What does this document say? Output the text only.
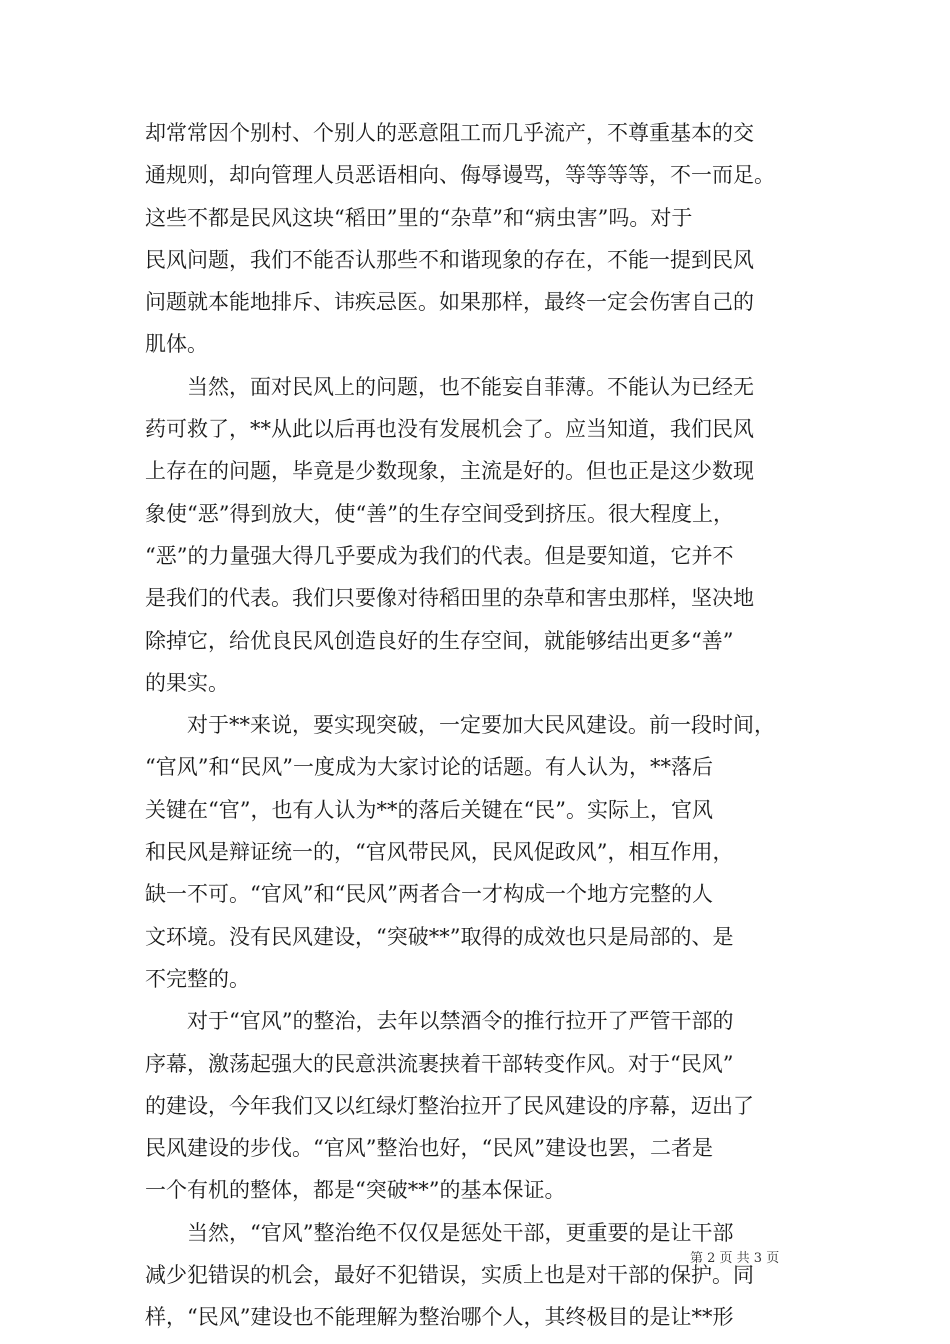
却常常因个别村、个别人的恶意阻工而几乎流产，不尊重基本的交
通规则，却向管理人员恶语相向、侮辱谩骂，等等等等，不一而足。
这些不都是民风这块“稻田”里的“杂草”和“病虫害”吗。对于
民风问题，我们不能否认那些不和谐现象的存在，不能一提到民风
问题就本能地排斥、讳疾忌医。如果那样，最终一定会伤害自己的
肌体。
　　当然，面对民风上的问题，也不能妄自菲薄。不能认为已经无
药可救了，**从此以后再也没有发展机会了。应当知道，我们民风
上存在的问题，毕竟是少数现象，主流是好的。但也正是这少数现
象使“恶”得到放大，使“善”的生存空间受到挤压。很大程度上，
“恶”的力量强大得几乎要成为我们的代表。但是要知道，它并不
是我们的代表。我们只要像对待稻田里的杂草和害虫那样，坚决地
除掉它，给优良民风创造良好的生存空间，就能够结出更多“善”
的果实。
　　对于**来说，要实现突破，一定要加大民风建设。前一段时间，
“官风”和“民风”一度成为大家讨论的话题。有人认为，**落后
关键在“官”，也有人认为**的落后关键在“民”。实际上，官风
和民风是辩证统一的，“官风带民风，民风促政风”，相互作用，
缺一不可。“官风”和“民风”两者合一才构成一个地方完整的人
文环境。没有民风建设，“突破**”取得的成效也只是局部的、是
不完整的。
　　对于“官风”的整治，去年以禁酒令的推行拉开了严管干部的
序幕，激荡起强大的民意洪流裹挟着干部转变作风。对于“民风”
的建设，今年我们又以红绿灯整治拉开了民风建设的序幕，迈出了
民风建设的步伐。“官风”整治也好，“民风”建设也罢，二者是
一个有机的整体，都是“突破**”的基本保证。
　　当然，“官风”整治绝不仅仅是惩处干部，更重要的是让干部
减少犯错误的机会，最好不犯错误，实质上也是对干部的保护。同
样，“民风”建设也不能理解为整治哪个人，其终极目的是让**形
第 2 页 共 3 页
